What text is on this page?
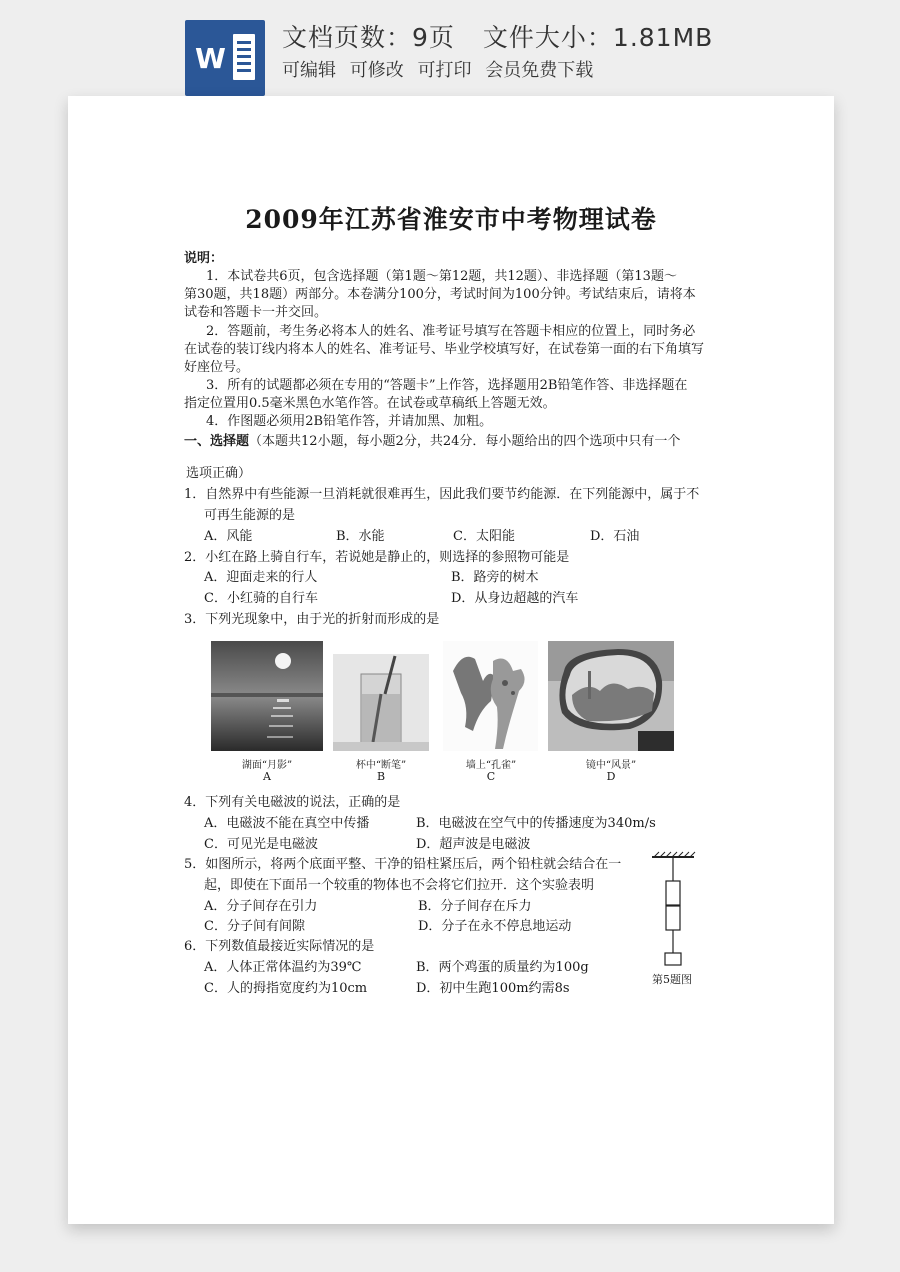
W
文档页数：9页 文件大小：1.81MB
可编辑 可修改 可打印 会员免费下载
2009年江苏省淮安市中考物理试卷
说明：
1．本试卷共6页，包含选择题（第1题～第12题，共12题）、非选择题（第13题～
第30题，共18题）两部分。本卷满分100分，考试时间为100分钟。考试结束后，请将本
试卷和答题卡一并交回。
2．答题前，考生务必将本人的姓名、准考证号填写在答题卡相应的位置上，同时务必
在试卷的装订线内将本人的姓名、准考证号、毕业学校填写好，在试卷第一面的右下角填写
好座位号。
3．所有的试题都必须在专用的“答题卡”上作答，选择题用2B铅笔作答、非选择题在
指定位置用0.5毫米黑色水笔作答。在试卷或草稿纸上答题无效。
4．作图题必须用2B铅笔作答，并请加黑、加粗。
一、选择题（本题共12小题，每小题2分，共24分．每小题给出的四个选项中只有一个
选项正确）
1．自然界中有些能源一旦消耗就很难再生，因此我们要节约能源．在下列能源中，属于不
可再生能源的是
A．风能	B．水能	C．太阳能	D．石油
2．小红在路上骑自行车，若说她是静止的，则选择的参照物可能是
A．迎面走来的行人	B．路旁的树木
C．小红骑的自行车	D．从身边超越的汽车
3．下列光现象中，由于光的折射而形成的是
湖面“月影”	杯中“断笔”	墙上“孔雀”	镜中“风景”
A	B	C	D
4．下列有关电磁波的说法，正确的是
A．电磁波不能在真空中传播	B．电磁波在空气中的传播速度为340m/s
C．可见光是电磁波	D．超声波是电磁波
5．如图所示，将两个底面平整、干净的铅柱紧压后，两个铅柱就会结合在一
起，即使在下面吊一个较重的物体也不会将它们拉开．这个实验表明
A．分子间存在引力	B．分子间存在斥力
C．分子间有间隙	D．分子在永不停息地运动
第5题图
6．下列数值最接近实际情况的是
A．人体正常体温约为39℃	B．两个鸡蛋的质量约为100g
C．人的拇指宽度约为10cm	D．初中生跑100m约需8s
